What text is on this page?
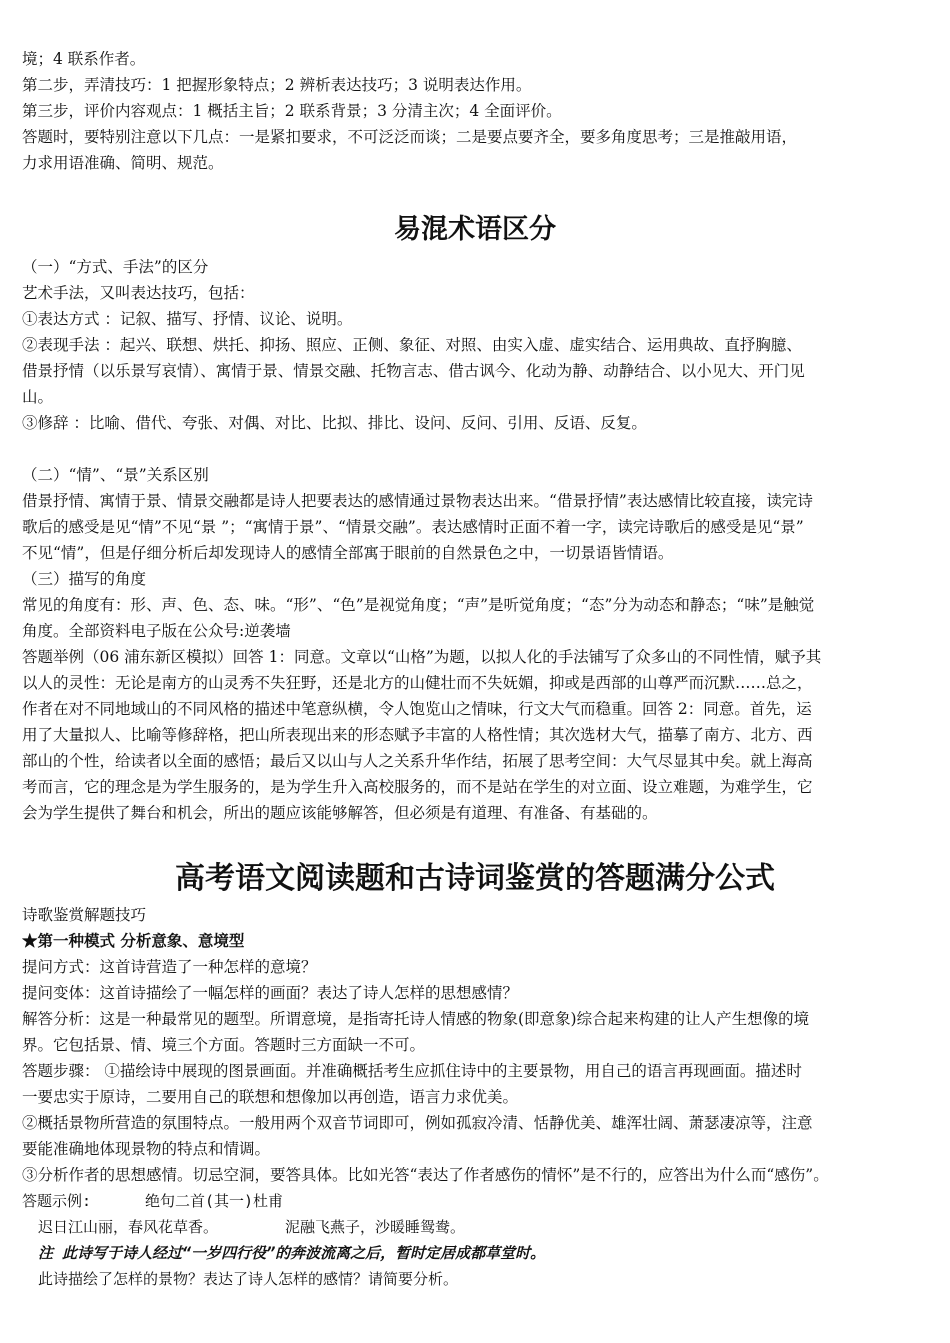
境；4 联系作者。
第二步，弄清技巧：1 把握形象特点；2 辨析表达技巧；3 说明表达作用。
第三步，评价内容观点：1 概括主旨；2 联系背景；3 分清主次；4 全面评价。
答题时，要特别注意以下几点：一是紧扣要求，不可泛泛而谈；二是要点要齐全，要多角度思考；三是推敲用语，
力求用语准确、简明、规范。
易混术语区分
（一）“方式、手法”的区分
艺术手法，又叫表达技巧，包括：
①表达方式 ：记叙、描写、抒情、议论、说明。
②表现手法 ：起兴、联想、烘托、抑扬、照应、正侧、象征、对照、由实入虚、虚实结合、运用典故、直抒胸臆、
借景抒情（以乐景写哀情）、寓情于景、情景交融、托物言志、借古讽今、化动为静、动静结合、以小见大、开门见
山。
③修辞 ：比喻、借代、夸张、对偶、对比、比拟、排比、设问、反问、引用、反语、反复。
（二）“情”、“景”关系区别
借景抒情、寓情于景、情景交融都是诗人把要表达的感情通过景物表达出来。“借景抒情”表达感情比较直接，读完诗
歌后的感受是见“情”不见“景 ”；“寓情于景”、“情景交融”。表达感情时正面不着一字，读完诗歌后的感受是见“景”
不见“情”，但是仔细分析后却发现诗人的感情全部寓于眼前的自然景色之中，一切景语皆情语。
（三）描写的角度
常见的角度有：形、声、色、态、味。“形”、“色”是视觉角度；“声”是听觉角度；“态”分为动态和静态；“味”是触觉
角度。全部资料电子版在公众号:逆袭墙
答题举例（06 浦东新区模拟）回答 1：同意。文章以“山格”为题，以拟人化的手法铺写了众多山的不同性情，赋予其
以人的灵性：无论是南方的山灵秀不失狂野，还是北方的山健壮而不失妩媚，抑或是西部的山尊严而沉默……总之，
作者在对不同地域山的不同风格的描述中笔意纵横，令人饱览山之情味，行文大气而稳重。回答 2：同意。首先，运
用了大量拟人、比喻等修辞格，把山所表现出来的形态赋予丰富的人格性情；其次选材大气，描摹了南方、北方、西
部山的个性，给读者以全面的感悟；最后又以山与人之关系升华作结，拓展了思考空间：大气尽显其中矣。就上海高
考而言，它的理念是为学生服务的，是为学生升入高校服务的，而不是站在学生的对立面、设立难题，为难学生，它
会为学生提供了舞台和机会，所出的题应该能够解答，但必须是有道理、有准备、有基础的。
高考语文阅读题和古诗词鉴赏的答题满分公式
诗歌鉴赏解题技巧
★第一种模式 分析意象、意境型
提问方式：这首诗营造了一种怎样的意境？
提问变体：这首诗描绘了一幅怎样的画面？表达了诗人怎样的思想感情？
解答分析：这是一种最常见的题型。所谓意境，是指寄托诗人情感的物象(即意象)综合起来构建的让人产生想像的境
界。它包括景、情、境三个方面。答题时三方面缺一不可。
答题步骤： ①描绘诗中展现的图景画面。并准确概括考生应抓住诗中的主要景物，用自己的语言再现画面。描述时
一要忠实于原诗，二要用自己的联想和想像加以再创造，语言力求优美。
②概括景物所营造的氛围特点。一般用两个双音节词即可，例如孤寂冷清、恬静优美、雄浑壮阔、萧瑟凄凉等，注意
要能准确地体现景物的特点和情调。
③分析作者的思想感情。切忌空洞，要答具体。比如光答“表达了作者感伤的情怀”是不行的，应答出为什么而“感伤”。
答题示例:	绝句二首(其一)杜甫
迟日江山丽，春风花草香。	泥融飞燕子，沙暖睡鸳鸯。
注 此诗写于诗人经过“一岁四行役”的奔波流离之后，暂时定居成都草堂时。
此诗描绘了怎样的景物？表达了诗人怎样的感情？请简要分析。
